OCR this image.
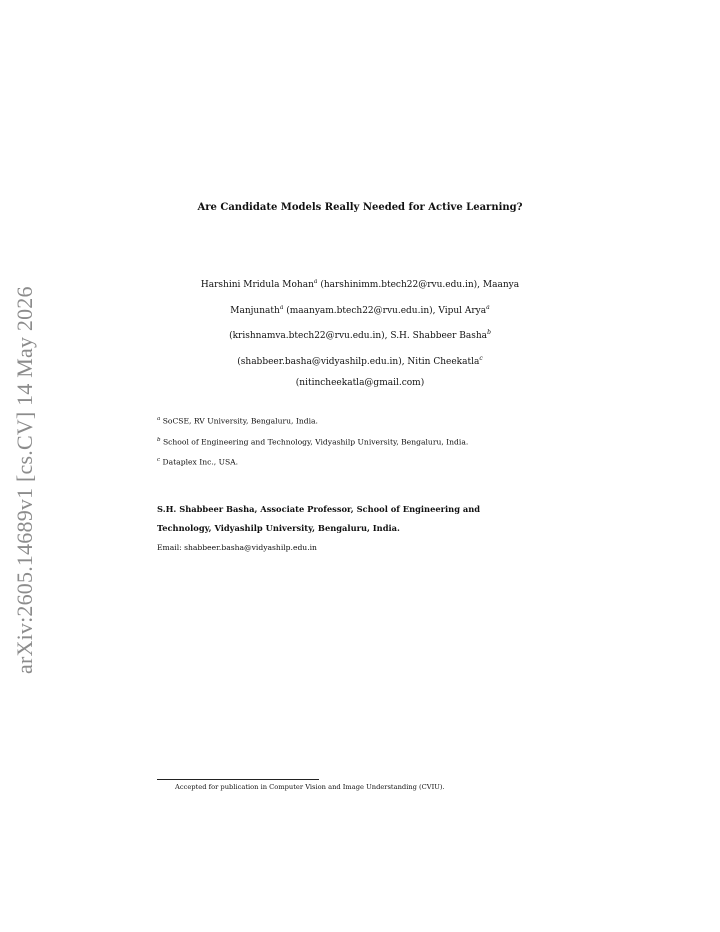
arXiv:2605.14689v1 [cs.CV] 14 May 2026
Are Candidate Models Really Needed for Active Learning?
Harshini Mridula Mohan$^a$ (harshinimm.btech22@rvu.edu.in), Maanya
Manjunath$^a$ (maanyam.btech22@rvu.edu.in), Vipul Arya$^a$
(krishnamva.btech22@rvu.edu.in), S.H. Shabbeer Basha$^b$
(shabbeer.basha@vidyashilp.edu.in), Nitin Cheekatla$^c$
(nitincheekatla@gmail.com)
$^a$ SoCSE, RV University, Bengaluru, India.
$^b$ School of Engineering and Technology, Vidyashilp University, Bengaluru, India.
$^c$ Dataplex Inc., USA.
S.H. Shabbeer Basha, Associate Professor, School of Engineering and
Technology, Vidyashilp University, Bengaluru, India.
Email: shabbeer.basha@vidyashilp.edu.in
Accepted for publication in Computer Vision and Image Understanding (CVIU).
